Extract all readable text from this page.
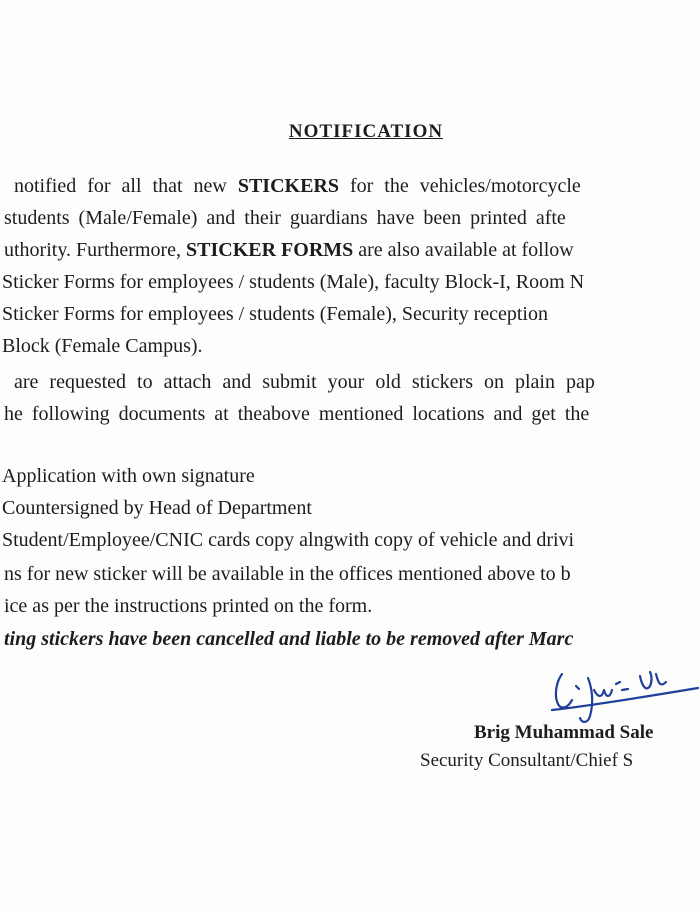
NOTIFICATION
notified for all that new STICKERS for the vehicles/motorcycle
students (Male/Female) and their guardians have been printed afte
uthority. Furthermore, STICKER FORMS are also available at follow
Sticker Forms for employees / students (Male), faculty Block-I, Room N
Sticker Forms for employees / students (Female), Security reception
Block (Female Campus).
are requested to attach and submit your old stickers on plain pap
he following documents at theabove mentioned locations and get the
Application with own signature
Countersigned by Head of Department
Student/Employee/CNIC cards copy alngwith copy of vehicle and drivi
ns for new sticker will be available in the offices mentioned above to b
ice as per the instructions printed on the form.
ting stickers have been cancelled and liable to be removed after Marc
Brig Muhammad Sale
Security Consultant/Chief S
